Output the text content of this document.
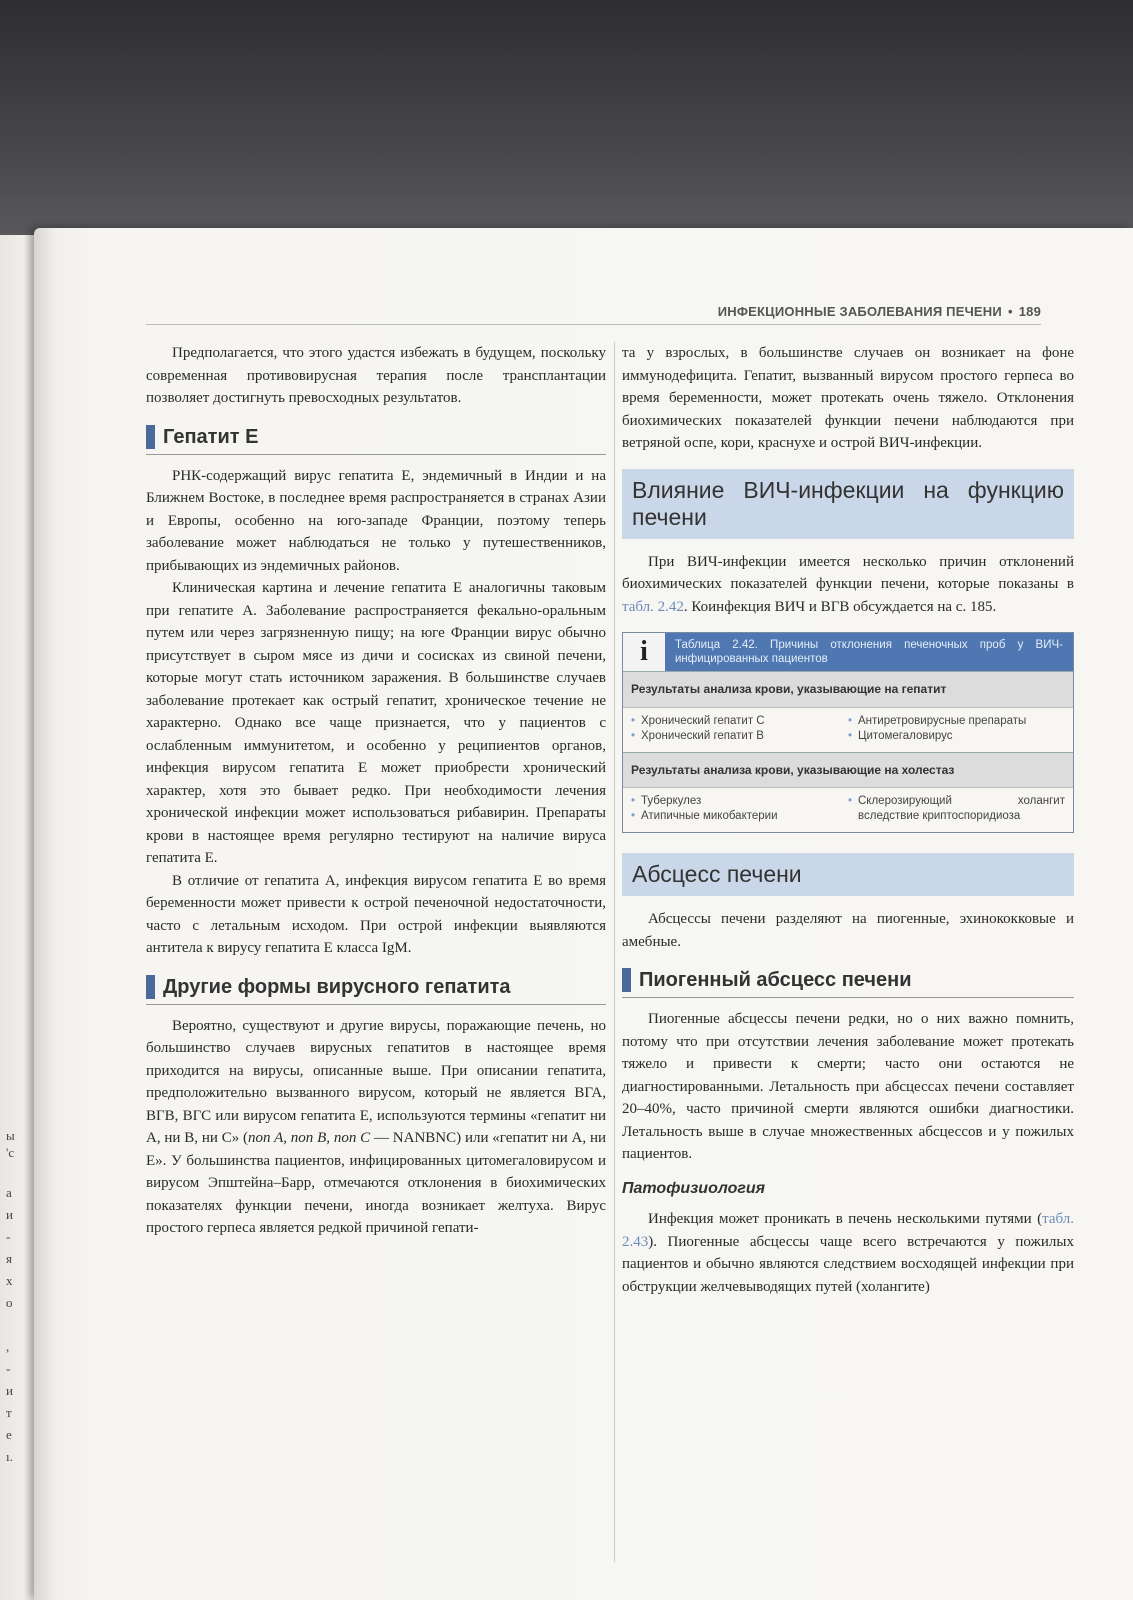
ы
'с
а
и
-
я
х
о
,
-
и
т
е
ı.
ИНФЕКЦИОННЫЕ ЗАБОЛЕВАНИЯ ПЕЧЕНИ • 189

Предполагается, что этого удастся избежать в будущем, поскольку современная противовирусная терапия после трансплантации позволяет достигнуть превосходных результатов.

Гепатит Е

РНК-содержащий вирус гепатита Е, эндемичный в Индии и на Ближнем Востоке, в последнее время распространяется в странах Азии и Европы, особенно на юго-западе Франции, поэтому теперь заболевание может наблюдаться не только у путешественников, прибывающих из эндемичных районов.

Клиническая картина и лечение гепатита Е аналогичны таковым при гепатите А. Заболевание распространяется фекально-оральным путем или через загрязненную пищу; на юге Франции вирус обычно присутствует в сыром мясе из дичи и сосисках из свиной печени, которые могут стать источником заражения. В большинстве случаев заболевание протекает как острый гепатит, хроническое течение не характерно. Однако все чаще признается, что у пациентов с ослабленным иммунитетом, и особенно у реципиентов органов, инфекция вирусом гепатита Е может приобрести хронический характер, хотя это бывает редко. При необходимости лечения хронической инфекции может использоваться рибавирин. Препараты крови в настоящее время регулярно тестируют на наличие вируса гепатита Е.

В отличие от гепатита А, инфекция вирусом гепатита Е во время беременности может привести к острой печеночной недостаточности, часто с летальным исходом. При острой инфекции выявляются антитела к вирусу гепатита Е класса IgM.

Другие формы вирусного гепатита

Вероятно, существуют и другие вирусы, поражающие печень, но большинство случаев вирусных гепатитов в настоящее время приходится на вирусы, описанные выше. При описании гепатита, предположительно вызванного вирусом, который не является ВГА, ВГВ, ВГС или вирусом гепатита Е, используются термины «гепатит ни А, ни В, ни С» (non A, non B, non C — NANBNC) или «гепатит ни А, ни Е». У большинства пациентов, инфицированных цитомегаловирусом и вирусом Эпштейна–Барр, отмечаются отклонения в биохимических показателях функции печени, иногда возникает желтуха. Вирус простого герпеса является редкой причиной гепати-

та у взрослых, в большинстве случаев он возникает на фоне иммунодефицита. Гепатит, вызванный вирусом простого герпеса во время беременности, может протекать очень тяжело. Отклонения биохимических показателей функции печени наблюдаются при ветряной оспе, кори, краснухе и острой ВИЧ-инфекции.

Влияние ВИЧ-инфекции на функцию печени

При ВИЧ-инфекции имеется несколько причин отклонений биохимических показателей функции печени, которые показаны в табл. 2.42. Коинфекция ВИЧ и ВГВ обсуждается на с. 185.

i	Таблица 2.42. Причины отклонения печеночных проб у ВИЧ-инфицированных пациентов
Результаты анализа крови, указывающие на гепатит
• Хронический гепатит С
• Хронический гепатит В
• Антиретровирусные препараты
• Цитомегаловирус
Результаты анализа крови, указывающие на холестаз
• Туберкулез
• Атипичные микобактерии
• Склерозирующий холангит вследствие криптоспоридиоза
Абсцесс печени

Абсцессы печени разделяют на пиогенные, эхинококковые и амебные.

Пиогенный абсцесс печени

Пиогенные абсцессы печени редки, но о них важно помнить, потому что при отсутствии лечения заболевание может протекать тяжело и привести к смерти; часто они остаются не диагностированными. Летальность при абсцессах печени составляет 20–40%, часто причиной смерти являются ошибки диагностики. Летальность выше в случае множественных абсцессов и у пожилых пациентов.

Патофизиология

Инфекция может проникать в печень несколькими путями (табл. 2.43). Пиогенные абсцессы чаще всего встречаются у пожилых пациентов и обычно являются следствием восходящей инфекции при обструкции желчевыводящих путей (холангите)
